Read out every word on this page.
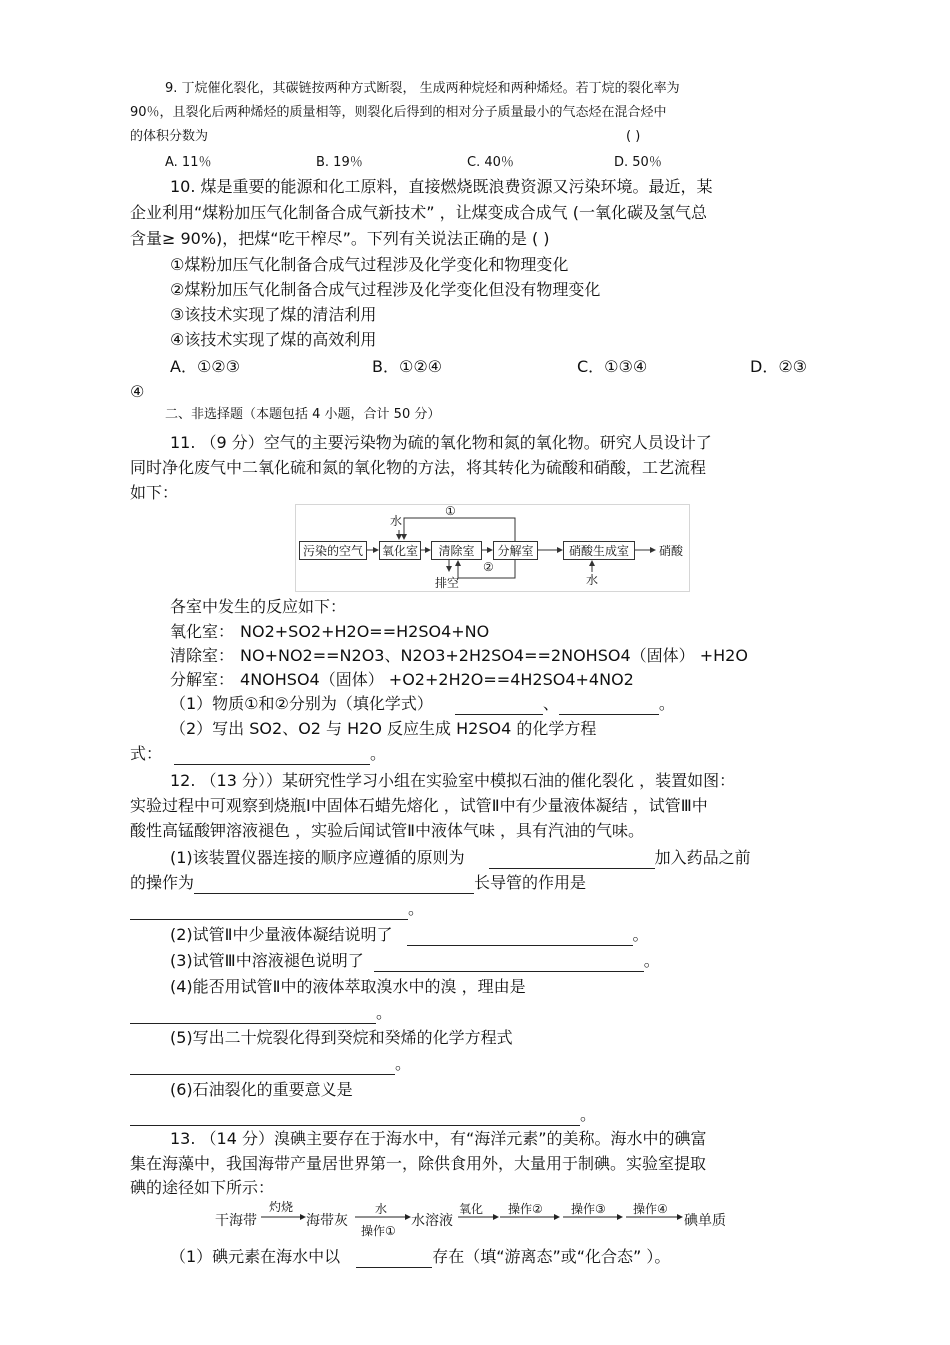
9. 丁烷催化裂化，其碳链按两种方式断裂， 生成两种烷烃和两种烯烃。若丁烷的裂化率为
90％，且裂化后两种烯烃的质量相等，则裂化后得到的相对分子质量最小的气态烃在混合烃中
的体积分数为	( )
A. 11％	B. 19％	C. 40％	D. 50％
10. 煤是重要的能源和化工原料，直接燃烧既浪费资源又污染环境。最近，某
企业利用“煤粉加压气化制备合成气新技术” ，让煤变成合成气 (一氧化碳及氢气总
含量≥ 90%)，把煤“吃干榨尽”。下列有关说法正确的是 ( )
①煤粉加压气化制备合成气过程涉及化学变化和物理变化
②煤粉加压气化制备合成气过程涉及化学变化但没有物理变化
③该技术实现了煤的清洁利用
④该技术实现了煤的高效利用
A．①②③	B．①②④	C．①③④	D．②③
④
二、非选择题（本题包括 4 小题，合计 50 分）
11. （9 分）空气的主要污染物为硫的氧化物和氮的氧化物。研究人员设计了
同时净化废气中二氧化硫和氮的氧化物的方法，将其转化为硫酸和硝酸，工艺流程
如下：
污染的空气	氧化室	清除室	分解室	硝酸生成室
水
①
②
排空	水
硝酸
各室中发生的反应如下：
氧化室： NO2+SO2+H2O==H2SO4+NO
清除室： NO+NO2==N2O3、N2O3+2H2SO4==2NOHSO4（固体） +H2O
分解室： 4NOHSO4（固体） +O2+2H2O==4H2SO4+4NO2
（1）物质①和②分别为（填化学式）	、	。
（2）写出 SO2、O2 与 H2O 反应生成 H2SO4 的化学方程
式：	。
12. （13 分））某研究性学习小组在实验室中模拟石油的催化裂化 ，装置如图：
实验过程中可观察到烧瓶Ⅰ中固体石蜡先熔化 ，试管Ⅱ中有少量液体凝结 ，试管Ⅲ中
酸性高锰酸钾溶液褪色 ，实验后闻试管Ⅱ中液体气味 ，具有汽油的气味。
(1)该装置仪器连接的顺序应遵循的原则为	加入药品之前
的操作为	长导管的作用是
。
(2)试管Ⅱ中少量液体凝结说明了	。
(3)试管Ⅲ中溶液褪色说明了	。
(4)能否用试管Ⅱ中的液体萃取溴水中的溴 ，理由是
。
(5)写出二十烷裂化得到癸烷和癸烯的化学方程式
。
(6)石油裂化的重要意义是
。
13. （14 分）溴碘主要存在于海水中，有“海洋元素”的美称。海水中的碘富
集在海藻中，我国海带产量居世界第一，除供食用外，大量用于制碘。实验室提取
碘的途径如下所示：
干海带	海带灰	水溶液	碘单质
灼烧	水	氧化 操作② 操作③ 操作④
操作①
（1）碘元素在海水中以	存在（填“游离态”或“化合态” ）。
